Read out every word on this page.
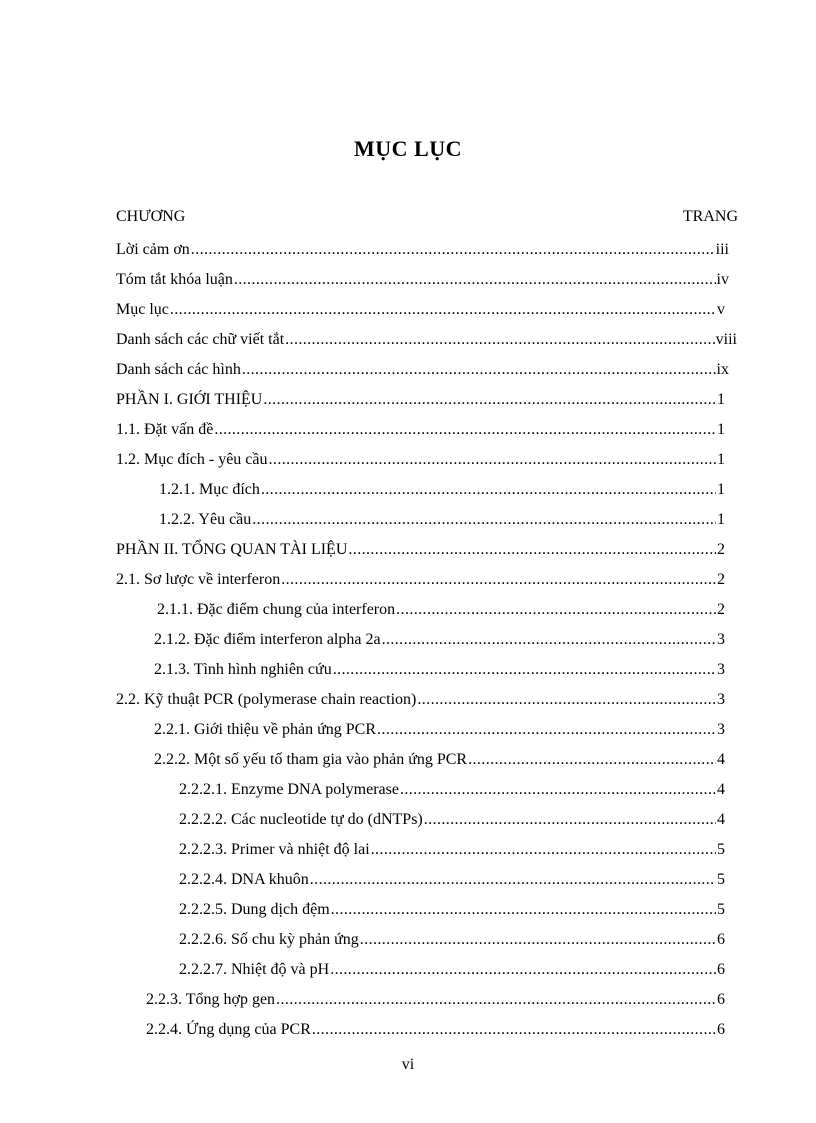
MỤC LỤC
CHƯƠNG	TRANG
Lời cảm ơn .....	iii
Tóm tắt khóa luận .....	iv
Mục lục .....	v
Danh sách các chữ viết tắt .....	viii
Danh sách các hình .....	ix
PHẦN I. GIỚI THIỆU .....	1
1.1. Đặt vấn đề .....	1
1.2. Mục đích - yêu cầu .....	1
1.2.1. Mục đích .....	1
1.2.2. Yêu cầu .....	1
PHẦN II. TỔNG QUAN TÀI LIỆU .....	2
2.1. Sơ lược về interferon .....	2
2.1.1. Đặc điểm chung của interferon .....	2
2.1.2. Đặc điểm interferon alpha 2a .....	3
2.1.3. Tình hình nghiên cứu .....	3
2.2. Kỹ thuật PCR (polymerase chain reaction) .....	3
2.2.1. Giới thiệu về phản ứng PCR .....	3
2.2.2. Một số yếu tố tham gia vào phản ứng PCR .....	4
2.2.2.1. Enzyme DNA polymerase .....	4
2.2.2.2. Các nucleotide tự do (dNTPs) .....	4
2.2.2.3. Primer và nhiệt độ lai .....	5
2.2.2.4. DNA khuôn .....	5
2.2.2.5. Dung dịch đệm .....	5
2.2.2.6. Số chu kỳ phản ứng .....	6
2.2.2.7. Nhiệt độ và pH .....	6
2.2.3. Tổng hợp gen .....	6
2.2.4. Ứng dụng của PCR .....	6
vi
